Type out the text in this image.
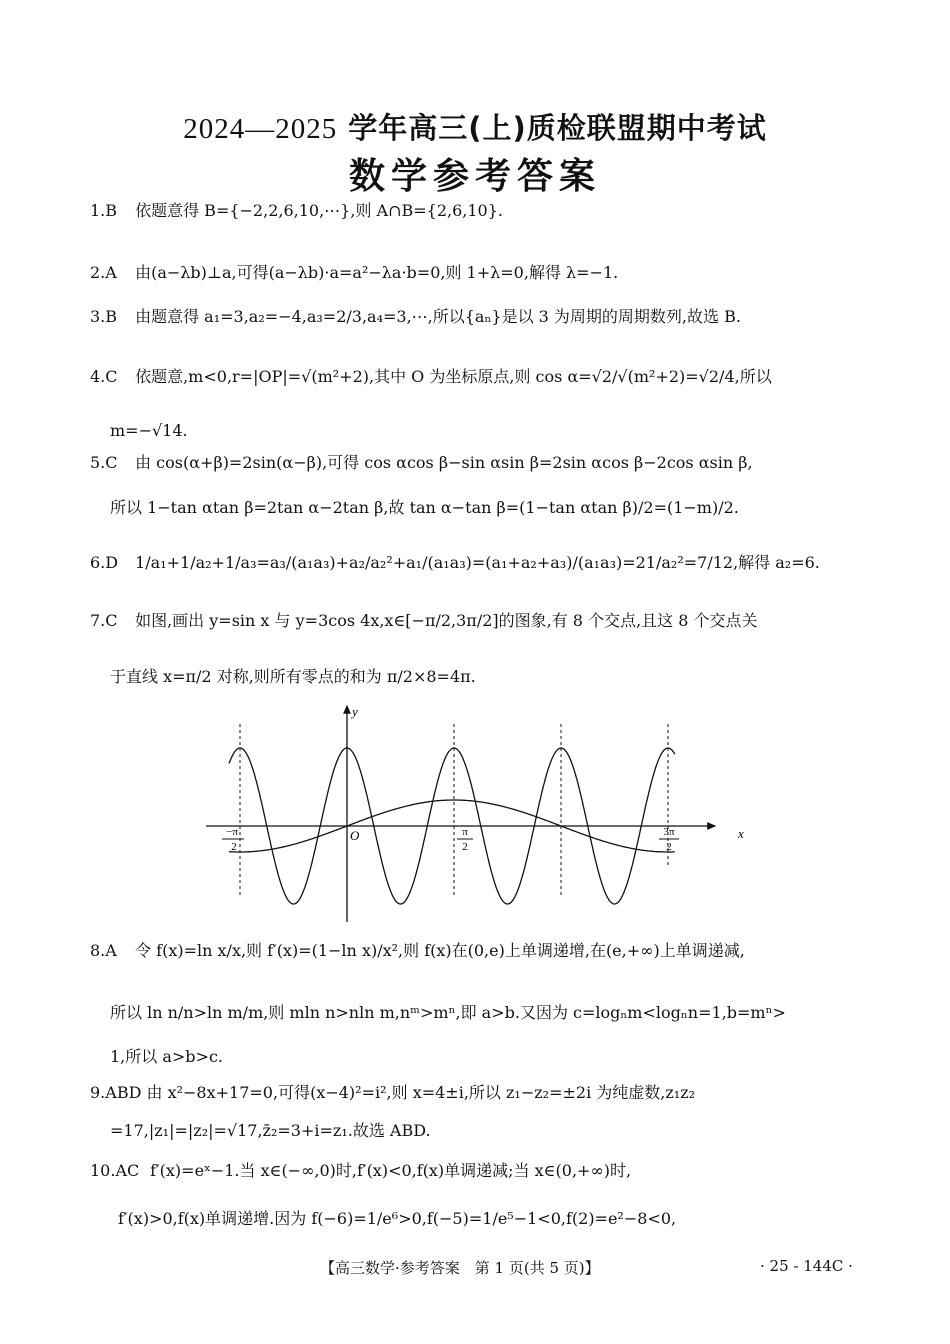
2024—2025 学年高三(上)质检联盟期中考试
数学参考答案
1.B 依题意得 B={−2,2,6,10,⋯},则 A∩B={2,6,10}.
2.A 由(a−λb)⊥a,可得(a−λb)·a=a²−λa·b=0,则 1+λ=0,解得 λ=−1.
3.B 由题意得 a₁=3,a₂=−4,a₃=2/3,a₄=3,⋯,所以{aₙ}是以 3 为周期的周期数列,故选 B.
4.C 依题意,m<0,r=|OP|=√(m²+2),其中 O 为坐标原点,则 cos α=√2/√(m²+2)=√2/4,所以
m=−√14.
5.C 由 cos(α+β)=2sin(α−β),可得 cos αcos β−sin αsin β=2sin αcos β−2cos αsin β,
所以 1−tan αtan β=2tan α−2tan β,故 tan α−tan β=(1−tan αtan β)/2=(1−m)/2.
6.D 1/a₁+1/a₂+1/a₃=a₃/(a₁a₃)+a₂/a₂²+a₁/(a₁a₃)=(a₁+a₂+a₃)/(a₁a₃)=21/a₂²=7/12,解得 a₂=6.
7.C 如图,画出 y=sin x 与 y=3cos 4x,x∈[−π/2,3π/2]的图象,有 8 个交点,且这 8 个交点关
于直线 x=π/2 对称,则所有零点的和为 π/2×8=4π.
y
x
O
−π
2
π
2
3π
2
8.A 令 f(x)=ln x/x,则 f′(x)=(1−ln x)/x²,则 f(x)在(0,e)上单调递增,在(e,+∞)上单调递减,
所以 ln n/n>ln m/m,则 mln n>nln m,nᵐ>mⁿ,即 a>b.又因为 c=logₙm<logₙn=1,b=mⁿ>
1,所以 a>b>c.
9.ABD 由 x²−8x+17=0,可得(x−4)²=i²,则 x=4±i,所以 z₁−z₂=±2i 为纯虚数,z₁z₂
=17,|z₁|=|z₂|=√17,z̄₂=3+i=z₁.故选 ABD.
10.AC f′(x)=eˣ−1.当 x∈(−∞,0)时,f′(x)<0,f(x)单调递减;当 x∈(0,+∞)时,
f′(x)>0,f(x)单调递增.因为 f(−6)=1/e⁶>0,f(−5)=1/e⁵−1<0,f(2)=e²−8<0,
【高三数学·参考答案　第 1 页(共 5 页)】	· 25 - 144C ·
